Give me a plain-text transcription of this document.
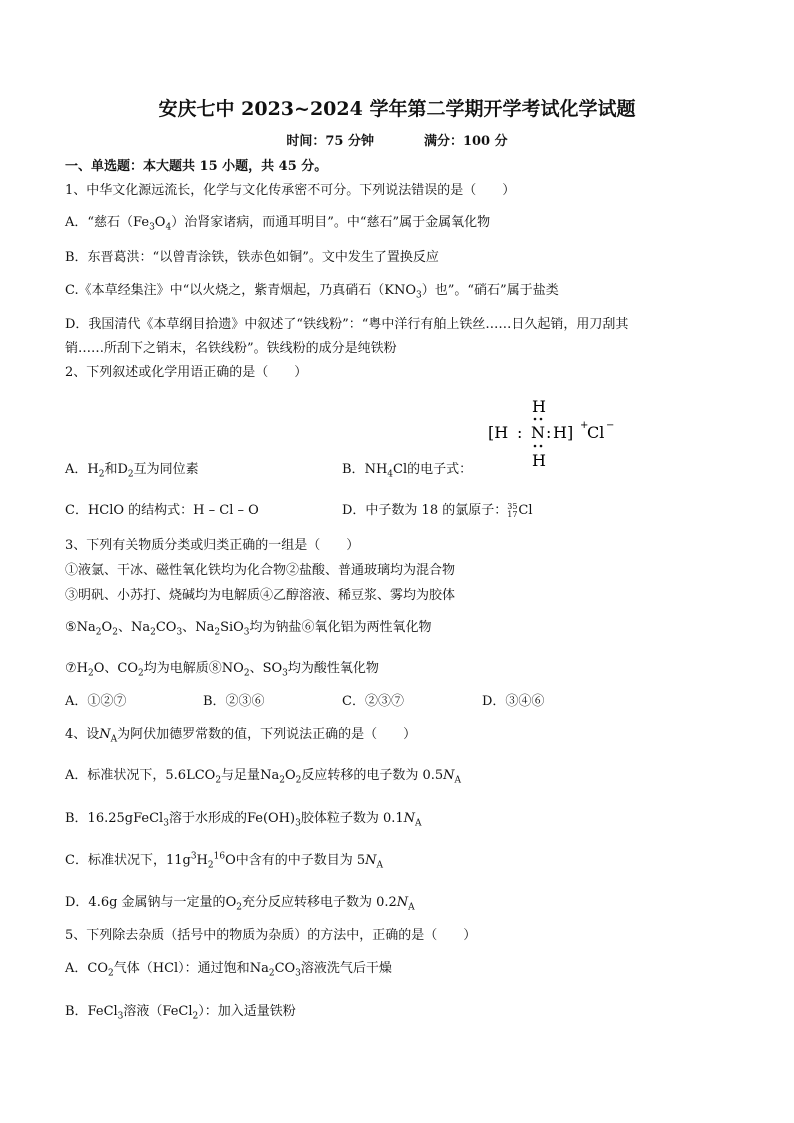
安庆七中 2023~2024 学年第二学期开学考试化学试题
时间：75 分钟	满分：100 分
一、单选题：本大题共 15 小题，共 45 分。
1、中华文化源远流长，化学与文化传承密不可分。下列说法错误的是（　　）
A．“慈石$(Fe_3O_4)$治肾家诸病，而通耳明目”。中“慈石”属于金属氧化物
B．东晋葛洪：“以曾青涂铁，铁赤色如铜”。文中发生了置换反应
C.《本草经集注》中“以火烧之，紫青烟起，乃真硝石$(KNO_3)$也”。“硝石”属于盐类
D．我国清代《本草纲目拾遗》中叙述了“铁线粉”：“粤中洋行有舶上铁丝……日久起销，用刀刮其
销……所刮下之销末，名铁线粉”。铁线粉的成分是纯铁粉
2、下列叙述或化学用语正确的是（　　）
H
[H : N : H] +
Cl −
H
A．$H_2$和$D_2$互为同位素	B．$NH_4Cl$的电子式：
C．HClO 的结构式：H – Cl – O	D．中子数为 18 的氯原子： 35
17 Cl
3、下列有关物质分类或归类正确的一组是（　　）
①液氯、干冰、磁性氧化铁均为化合物②盐酸、普通玻璃均为混合物
③明矾、小苏打、烧碱均为电解质④乙醇溶液、稀豆浆、雾均为胶体
$⑤Na_2O_2$、$Na_2CO_3$、$Na_2SiO_3$均为钠盐⑥氧化铝为两性氧化物
$⑦H_2O$、$CO_2$均为电解质$⑧NO_2$、$SO_3$均为酸性氧化物
A．①②⑦	B．②③⑥	C．②③⑦	D．③④⑥
4、设$N_A$为阿伏加德罗常数的值，下列说法正确的是（　　）
A．标准状况下，$5.6LCO_2$与足量$Na_2O_2$反应转移的电子数为 $0.5N_A$
B．16.25gFeCl$_3$溶于水形成的$Fe(OH)_3$胶体粒子数为 $0.1N_A$
C．标准状况下，$11g^3H_2^{16}O$中含有的中子数目为 $5N_A$
D．4.6g 金属钠与一定量的$O_2$充分反应转移电子数为 $0.2N_A$
5、下列除去杂质（括号中的物质为杂质）的方法中，正确的是（　　）
A．$CO_2$气体（HCl）：通过饱和$Na_2CO_3$溶液洗气后干燥
B．FeCl$_3$溶液（FeCl$_2$）：加入适量铁粉
